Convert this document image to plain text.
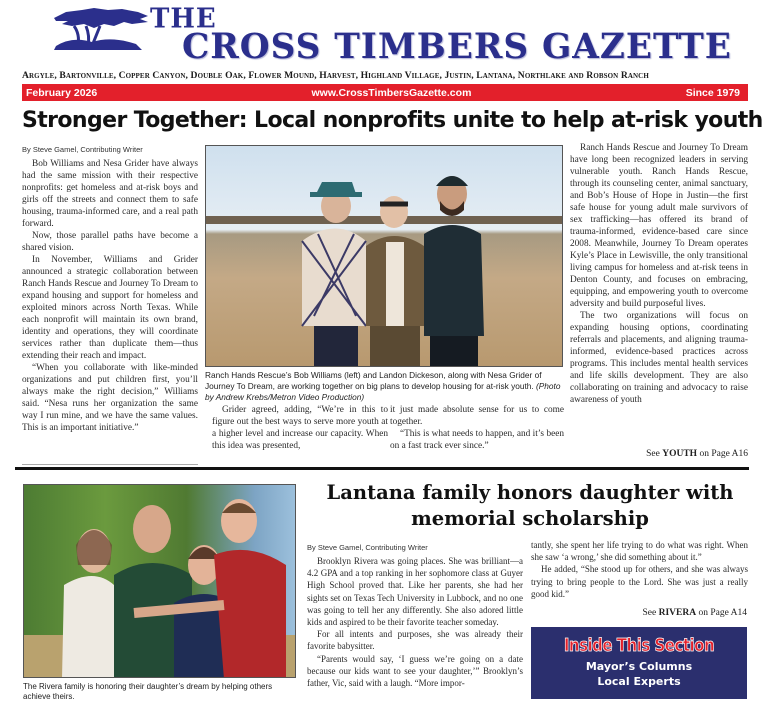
THE
CROSS TIMBERS GAZETTE
Argyle, Bartonville, Copper Canyon, Double Oak, Flower Mound, Harvest, Highland Village, Justin, Lantana, Northlake and Robson Ranch
February 2026	www.CrossTimbersGazette.com	Since 1979
Stronger Together: Local nonprofits unite to help at-risk youth
By Steve Gamel, Contributing Writer

Bob Williams and Nesa Grider have always had the same mission with their respective nonprofits: get homeless and at-risk boys and girls off the streets and connect them to safe housing, trauma-informed care, and a real path forward.

Now, those parallel paths have become a shared vision.

In November, Williams and Grider announced a strategic collaboration between Ranch Hands Rescue and Journey To Dream to expand housing and support for homeless and exploited minors across North Texas. While each nonprofit will maintain its own brand, identity and operations, they will coordinate services rather than duplicate them—thus extending their reach and impact.

“When you collaborate with like-minded organizations and put children first, you’ll always make the right decision,” Williams said. “Nesa runs her organization the same way I run mine, and we have the same values. This is an important initiative.”

Ranch Hands Rescue’s Bob Williams (left) and Landon Dickeson, along with Nesa Grider of Journey To Dream, are working together on big plans to develop housing for at-risk youth. (Photo by Andrew Krebs/Metron Video Production)

Grider agreed, adding, “We’re in this to figure out the best ways to serve more youth at a higher level and increase our capacity. When this idea was presented,

it just made absolute sense for us to come together.

“This is what needs to happen, and it’s been on a fast track ever since.”

Ranch Hands Rescue and Journey To Dream have long been recognized leaders in serving vulnerable youth. Ranch Hands Rescue, through its counseling center, animal sanctuary, and Bob’s House of Hope in Justin—the first safe house for young adult male survivors of sex trafficking—has offered its brand of trauma-informed, evidence-based care since 2008. Meanwhile, Journey To Dream operates Kyle’s Place in Lewisville, the only transitional living campus for homeless and at-risk teens in Denton County, and focuses on embracing, equipping, and empowering youth to overcome adversity and build purposeful lives.

The two organizations will focus on expanding housing options, coordinating referrals and placements, and aligning trauma-informed, evidence-based practices across programs. This includes mental health services and life skills development. They are also collaborating on training and advocacy to raise awareness of youth

See YOUTH on Page A16
The Rivera family is honoring their daughter’s dream by helping others achieve theirs.
Lantana family honors daughter with memorial scholarship
By Steve Gamel, Contributing Writer

Brooklyn Rivera was going places. She was brilliant—a 4.2 GPA and a top ranking in her sophomore class at Guyer High School proved that. Like her parents, she had her sights set on Texas Tech University in Lubbock, and no one was going to tell her any differently. She also adored little kids and aspired to be their favorite teacher someday.

For all intents and purposes, she was already their favorite babysitter.

“Parents would say, ‘I guess we’re going on a date because our kids want to see your daughter,’” Brooklyn’s father, Vic, said with a laugh. “More impor-

tantly, she spent her life trying to do what was right. When she saw ‘a wrong,’ she did something about it.”

He added, “She stood up for others, and she was always trying to bring people to the Lord. She was just a really good kid.”

See RIVERA on Page A14
Inside This Section
Mayor’s Columns
Local Experts
